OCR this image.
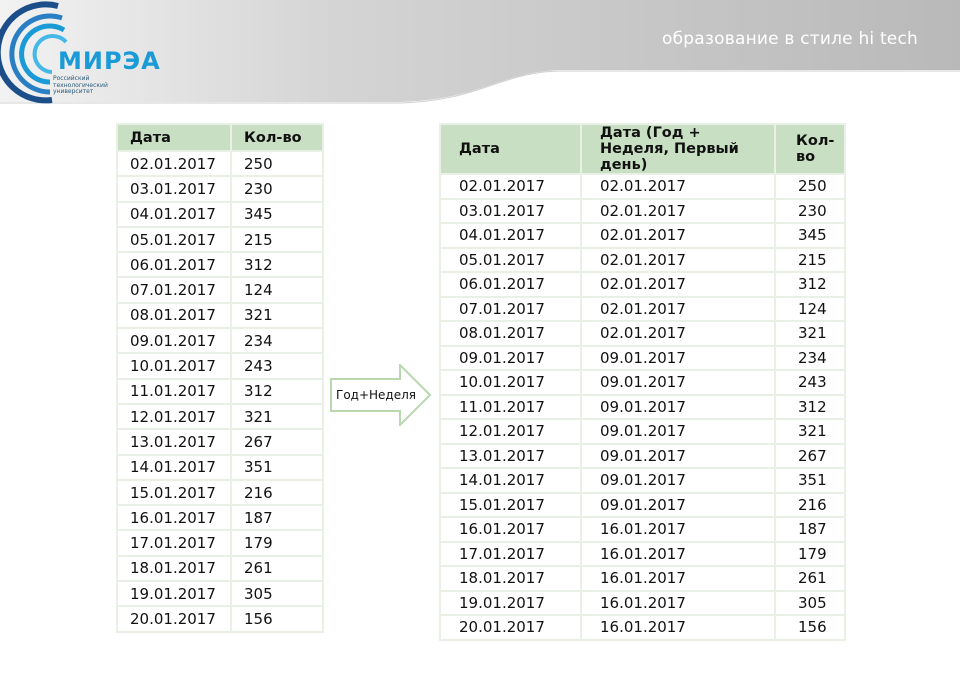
МИРЭА
Российский
технологический
университет
образование в стиле hi tech
Дата	Кол-во
02.01.2017	250
03.01.2017	230
04.01.2017	345
05.01.2017	215
06.01.2017	312
07.01.2017	124
08.01.2017	321
09.01.2017	234
10.01.2017	243
11.01.2017	312
12.01.2017	321
13.01.2017	267
14.01.2017	351
15.01.2017	216
16.01.2017	187
17.01.2017	179
18.01.2017	261
19.01.2017	305
20.01.2017	156
Год+Неделя
Дата	Дата (Год + Неделя, Первый день)	Кол-во
02.01.2017	02.01.2017	250
03.01.2017	02.01.2017	230
04.01.2017	02.01.2017	345
05.01.2017	02.01.2017	215
06.01.2017	02.01.2017	312
07.01.2017	02.01.2017	124
08.01.2017	02.01.2017	321
09.01.2017	09.01.2017	234
10.01.2017	09.01.2017	243
11.01.2017	09.01.2017	312
12.01.2017	09.01.2017	321
13.01.2017	09.01.2017	267
14.01.2017	09.01.2017	351
15.01.2017	09.01.2017	216
16.01.2017	16.01.2017	187
17.01.2017	16.01.2017	179
18.01.2017	16.01.2017	261
19.01.2017	16.01.2017	305
20.01.2017	16.01.2017	156
